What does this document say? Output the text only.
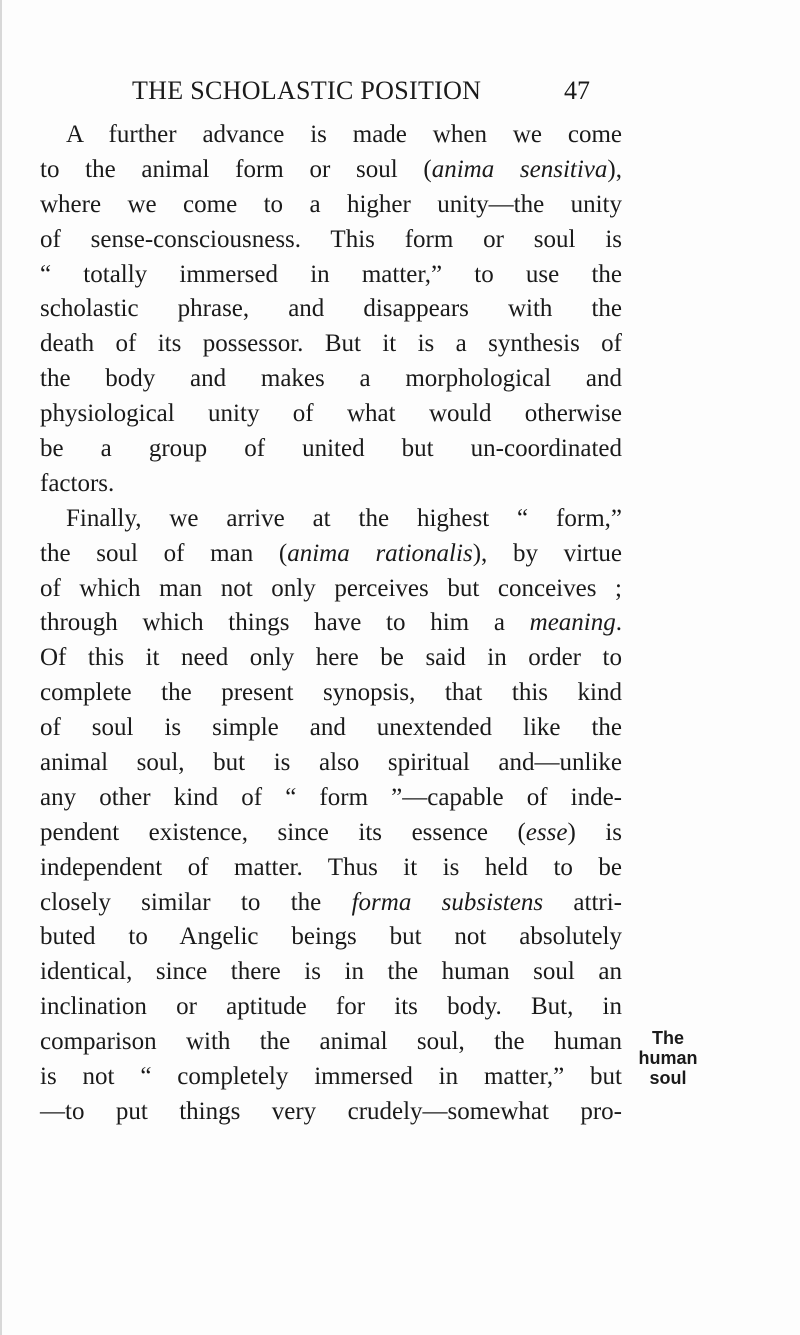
THE SCHOLASTIC POSITION	47
A further advance is made when we come
to the animal form or soul (anima sensitiva),
where we come to a higher unity—the unity
of sense-consciousness. This form or soul is
“ totally immersed in matter,” to use the
scholastic phrase, and disappears with the
death of its possessor. But it is a synthesis of
the body and makes a morphological and
physiological unity of what would otherwise
be a group of united but un-coordinated
factors.
Finally, we arrive at the highest “ form,”
the soul of man (anima rationalis), by virtue
of which man not only perceives but conceives ;
through which things have to him a meaning.
Of this it need only here be said in order to
complete the present synopsis, that this kind
of soul is simple and unextended like the
animal soul, but is also spiritual and—unlike
any other kind of “ form ”—capable of inde-
pendent existence, since its essence (esse) is
independent of matter. Thus it is held to be
closely similar to the forma subsistens attri-
buted to Angelic beings but not absolutely
identical, since there is in the human soul an
inclination or aptitude for its body. But, in
comparison with the animal soul, the human
is not “ completely immersed in matter,” but
—to put things very crudely—somewhat pro-
The
human
soul
